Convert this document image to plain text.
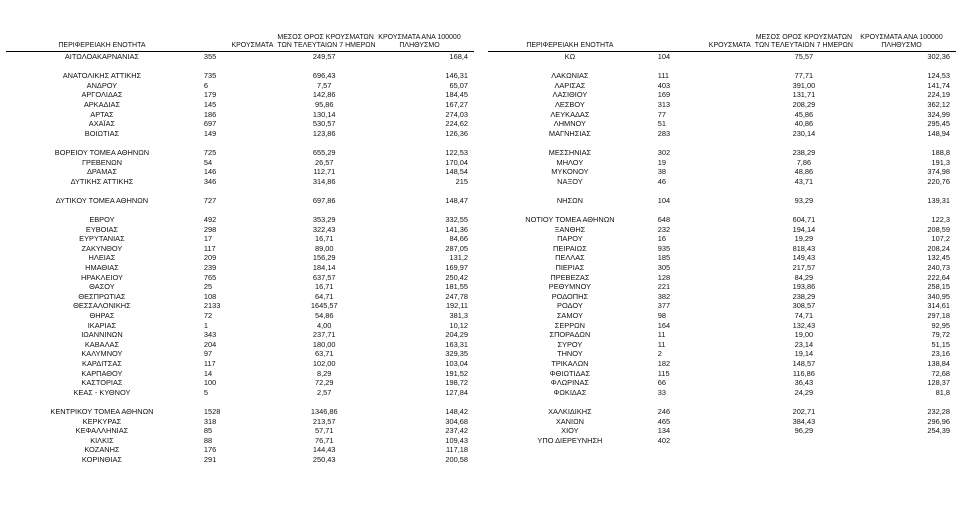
ΠΕΡΙΦΕΡΕΙΑΚΗ ΕΝΟΤΗΤΑ	ΚΡΟΥΣΜΑΤΑ	ΜΕΣΟΣ ΟΡΟΣ ΚΡΟΥΣΜΑΤΩΝ
ΤΩΝ ΤΕΛΕΥΤΑΙΩΝ 7 ΗΜΕΡΩΝ	ΚΡΟΥΣΜΑΤΑ ΑΝΑ 100000
ΠΛΗΘΥΣΜΟ
ΑΙΤΩΛΟΑΚΑΡΝΑΝΙΑΣ	355	249,57	168,4

ΑΝΑΤΟΛΙΚΗΣ ΑΤΤΙΚΗΣ	735	696,43	146,31
ΑΝΔΡΟΥ	6	7,57	65,07
ΑΡΓΟΛΙΔΑΣ	179	142,86	184,45
ΑΡΚΑΔΙΑΣ	145	95,86	167,27
ΑΡΤΑΣ	186	130,14	274,03
ΑΧΑΪΑΣ	697	530,57	224,62
ΒΟΙΩΤΙΑΣ	149	123,86	126,36

ΒΟΡΕΙΟΥ ΤΟΜΕΑ ΑΘΗΝΩΝ	725	655,29	122,53
ΓΡΕΒΕΝΩΝ	54	26,57	170,04
ΔΡΑΜΑΣ	146	112,71	148,54
ΔΥΤΙΚΗΣ ΑΤΤΙΚΗΣ	346	314,86	215

ΔΥΤΙΚΟΥ ΤΟΜΕΑ ΑΘΗΝΩΝ	727	697,86	148,47

ΕΒΡΟΥ	492	353,29	332,55
ΕΥΒΟΙΑΣ	298	322,43	141,36
ΕΥΡΥΤΑΝΙΑΣ	17	16,71	84,66
ΖΑΚΥΝΘΟΥ	117	89,00	287,05
ΗΛΕΙΑΣ	209	156,29	131,2
ΗΜΑΘΙΑΣ	239	184,14	169,97
ΗΡΑΚΛΕΙΟΥ	765	637,57	250,42
ΘΑΣΟΥ	25	16,71	181,55
ΘΕΣΠΡΩΤΙΑΣ	108	64,71	247,78
ΘΕΣΣΑΛΟΝΙΚΗΣ	2133	1645,57	192,11
ΘΗΡΑΣ	72	54,86	381,3
ΙΚΑΡΙΑΣ	1	4,00	10,12
ΙΩΑΝΝΙΝΩΝ	343	237,71	204,29
ΚΑΒΑΛΑΣ	204	180,00	163,31
ΚΑΛΥΜΝΟΥ	97	63,71	329,35
ΚΑΡΔΙΤΣΑΣ	117	102,00	103,04
ΚΑΡΠΑΘΟΥ	14	8,29	191,52
ΚΑΣΤΟΡΙΑΣ	100	72,29	198,72
ΚΕΑΣ - ΚΥΘΝΟΥ	5	2,57	127,84

ΚΕΝΤΡΙΚΟΥ ΤΟΜΕΑ ΑΘΗΝΩΝ	1528	1346,86	148,42
ΚΕΡΚΥΡΑΣ	318	213,57	304,68
ΚΕΦΑΛΛΗΝΙΑΣ	85	57,71	237,42
ΚΙΛΚΙΣ	88	76,71	109,43
ΚΟΖΑΝΗΣ	176	144,43	117,18
ΚΟΡΙΝΘΙΑΣ	291	250,43	200,58
ΠΕΡΙΦΕΡΕΙΑΚΗ ΕΝΟΤΗΤΑ	ΚΡΟΥΣΜΑΤΑ	ΜΕΣΟΣ ΟΡΟΣ ΚΡΟΥΣΜΑΤΩΝ
ΤΩΝ ΤΕΛΕΥΤΑΙΩΝ 7 ΗΜΕΡΩΝ	ΚΡΟΥΣΜΑΤΑ ΑΝΑ 100000
ΠΛΗΘΥΣΜΟ
ΚΩ	104	75,57	302,36

ΛΑΚΩΝΙΑΣ	111	77,71	124,53
ΛΑΡΙΣΑΣ	403	391,00	141,74
ΛΑΣΙΘΙΟΥ	169	131,71	224,19
ΛΕΣΒΟΥ	313	208,29	362,12
ΛΕΥΚΑΔΑΣ	77	45,86	324,99
ΛΗΜΝΟΥ	51	40,86	295,45
ΜΑΓΝΗΣΙΑΣ	283	230,14	148,94

ΜΕΣΣΗΝΙΑΣ	302	238,29	188,8
ΜΗΛΟΥ	19	7,86	191,3
ΜΥΚΟΝΟΥ	38	48,86	374,98
ΝΑΞΟΥ	46	43,71	220,76

ΝΗΣΩΝ	104	93,29	139,31

ΝΟΤΙΟΥ ΤΟΜΕΑ ΑΘΗΝΩΝ	648	604,71	122,3
ΞΑΝΘΗΣ	232	194,14	208,59
ΠΑΡΟΥ	16	19,29	107,2
ΠΕΙΡΑΙΩΣ	935	818,43	208,24
ΠΕΛΛΑΣ	185	149,43	132,45
ΠΙΕΡΙΑΣ	305	217,57	240,73
ΠΡΕΒΕΖΑΣ	128	84,29	222,64
ΡΕΘΥΜΝΟΥ	221	193,86	258,15
ΡΟΔΟΠΗΣ	382	238,29	340,95
ΡΟΔΟΥ	377	308,57	314,61
ΣΑΜΟΥ	98	74,71	297,18
ΣΕΡΡΩΝ	164	132,43	92,95
ΣΠΟΡΑΔΩΝ	11	19,00	79,72
ΣΥΡΟΥ	11	23,14	51,15
ΤΗΝΟΥ	2	19,14	23,16
ΤΡΙΚΑΛΩΝ	182	148,57	138,84
ΦΘΙΩΤΙΔΑΣ	115	116,86	72,68
ΦΛΩΡΙΝΑΣ	66	36,43	128,37
ΦΩΚΙΔΑΣ	33	24,29	81,8

ΧΑΛΚΙΔΙΚΗΣ	246	202,71	232,28
ΧΑΝΙΩΝ	465	384,43	296,96
ΧΙΟΥ	134	96,29	254,39
ΥΠΟ ΔΙΕΡΕΥΝΗΣΗ	402		
